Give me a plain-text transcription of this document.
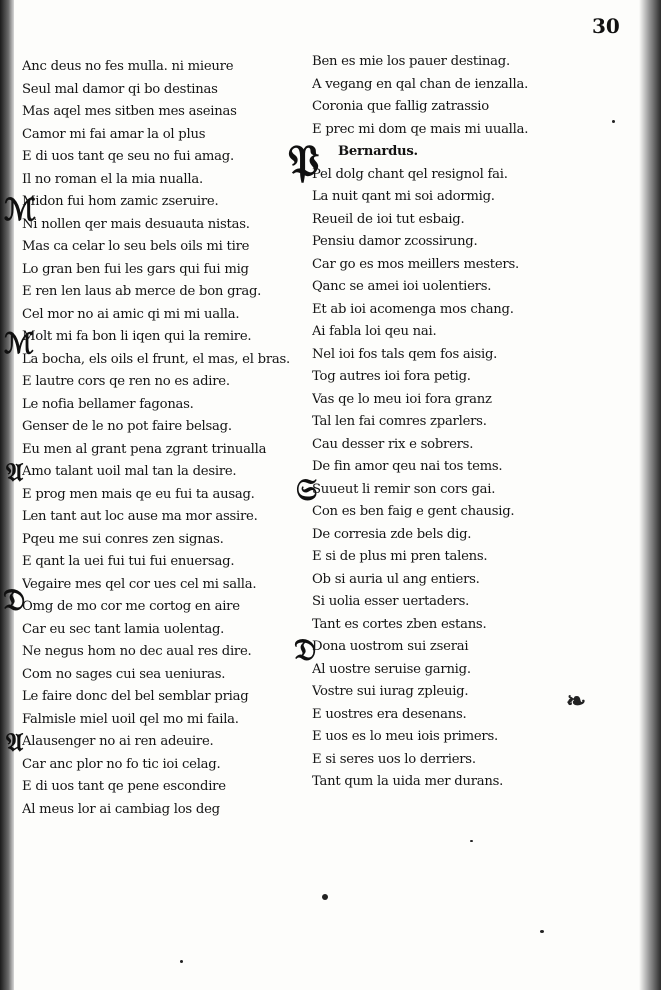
30
ℳ
ℳ
𝔄
𝔇
𝔄
𝔓
𝔖
𝔇
❧
Anc deus no fes mulla. ni mieure
Seul mal damor qi bo destinas
Mas aqel mes sitben mes aseinas
Camor mi fai amar la ol plus
E di uos tant qe seu no fui amag.
Il no roman el la mia nualla.
Midon fui hom zamic zseruire.
Ni nollen qer mais desuauta nistas.
Mas ca celar lo seu bels oils mi tire
Lo gran ben fui les gars qui fui mig
E ren len laus ab merce de bon grag.
Cel mor no ai amic qi mi mi ualla.
Molt mi fa bon li iqen qui la remire.
La bocha, els oils el frunt, el mas, el bras.
E lautre cors qe ren no es adire.
Le nofia bellamer fagonas.
Genser de le no pot faire belsag.
Eu men al grant pena zgrant trinualla
Amo talant uoil mal tan la desire.
E prog men mais qe eu fui ta ausag.
Len tant aut loc ause ma mor assire.
Pqeu me sui conres zen signas.
E qant la uei fui tui fui enuersag.
Vegaire mes qel cor ues cel mi salla.
Omg de mo cor me cortog en aire
Car eu sec tant lamia uolentag.
Ne negus hom no dec aual res dire.
Com no sages cui sea ueniuras.
Le faire donc del bel semblar priag
Falmisle miel uoil qel mo mi faila.
Alausenger no ai ren adeuire.
Car anc plor no fo tic ioi celag.
E di uos tant qe pene escondire
Al meus lor ai cambiag los deg
Ben es mie los pauer destinag.
A vegang en qal chan de ienzalla.
Coronia que fallig zatrassio
E prec mi dom qe mais mi uualla.
Bernardus.
Pel dolg chant qel resignol fai.
La nuit qant mi soi adormig.
Reueil de ioi tut esbaig.
Pensiu damor zcossirung.
Car go es mos meillers mesters.
Qanc se amei ioi uolentiers.
Et ab ioi acomenga mos chang.
Ai fabla loi qeu nai.
Nel ioi fos tals qem fos aisig.
Tog autres ioi fora petig.
Vas qe lo meu ioi fora granz
Tal len fai comres zparlers.
Cau desser rix e sobrers.
De fin amor qeu nai tos tems.
Suueut li remir son cors gai.
Con es ben faig e gent chausig.
De corresia zde bels dig.
E si de plus mi pren talens.
Ob si auria ul ang entiers.
Si uolia esser uertaders.
Tant es cortes zben estans.
Dona uostrom sui zserai
Al uostre seruise garnig.
Vostre sui iurag zpleuig.
E uostres era desenans.
E uos es lo meu iois primers.
E si seres uos lo derriers.
Tant qum la uida mer durans.
